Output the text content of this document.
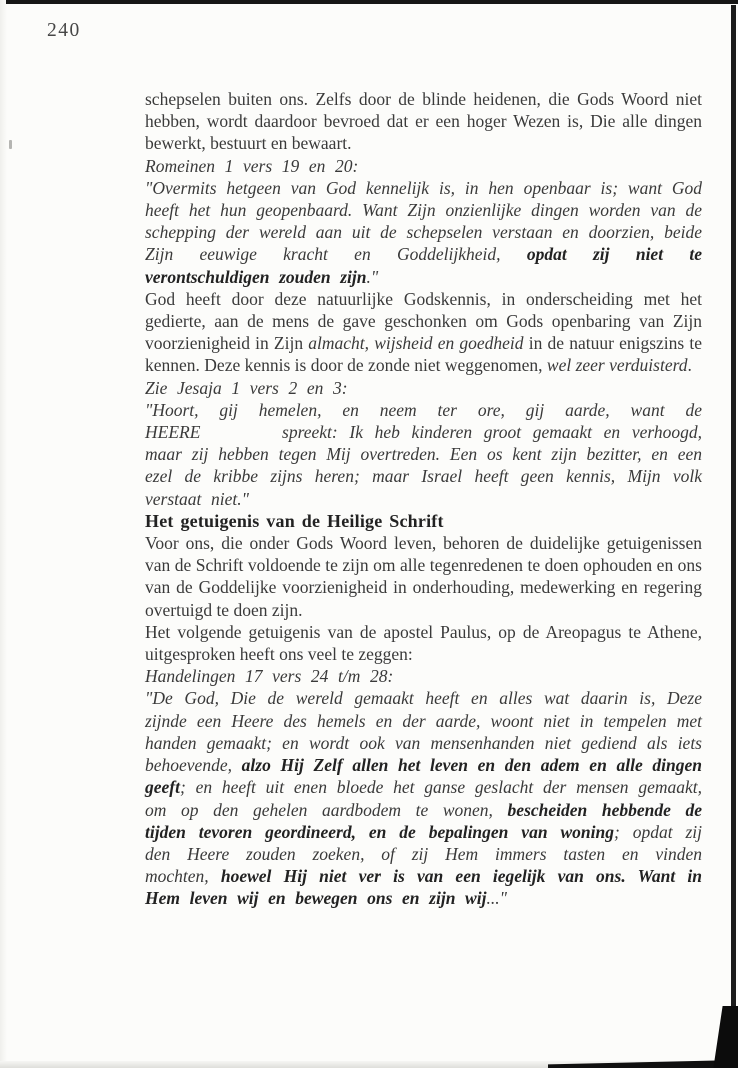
240

schepselen buiten ons. Zelfs door de blinde heidenen, die Gods Woord niet hebben, wordt daardoor bevroed dat er een hoger Wezen is, Die alle dingen bewerkt, bestuurt en bewaart.

Romeinen 1 vers 19 en 20:

"Overmits hetgeen van God kennelijk is, in hen openbaar is; want God heeft het hun geopenbaard. Want Zijn onzienlijke dingen worden van de schepping der wereld aan uit de schepselen verstaan en doorzien, beide Zijn eeuwige kracht en Goddelijkheid, opdat zij niet te verontschuldigen zouden zijn."

God heeft door deze natuurlijke Godskennis, in onderscheiding met het gedierte, aan de mens de gave geschonken om Gods openbaring van Zijn voorzienigheid in Zijn almacht, wijsheid en goedheid in de natuur enigszins te kennen. Deze kennis is door de zonde niet weggenomen, wel zeer verduisterd.

Zie Jesaja 1 vers 2 en 3:

"Hoort, gij hemelen, en neem ter ore, gij aarde, want de HEERE       spreekt: Ik heb kinderen groot gemaakt en verhoogd, maar zij hebben tegen Mij overtreden. Een os kent zijn bezitter, en een ezel de kribbe zijns heren; maar Israel heeft geen kennis, Mijn volk verstaat niet."

Het getuigenis van de Heilige Schrift

Voor ons, die onder Gods Woord leven, behoren de duidelijke getuigenissen van de Schrift voldoende te zijn om alle tegenredenen te doen ophouden en ons van de Goddelijke voorzienigheid in onderhouding, medewerking en regering overtuigd te doen zijn.

Het volgende getuigenis van de apostel Paulus, op de Areopagus te Athene, uitgesproken heeft ons veel te zeggen:

Handelingen 17 vers 24 t/m 28:

"De God, Die de wereld gemaakt heeft en alles wat daarin is, Deze zijnde een Heere des hemels en der aarde, woont niet in tempelen met handen gemaakt; en wordt ook van mensenhanden niet gediend als iets behoevende, alzo Hij Zelf allen het leven en den adem en alle dingen geeft; en heeft uit enen bloede het ganse geslacht der mensen gemaakt, om op den gehelen aardbodem te wonen, bescheiden hebbende de tijden tevoren geordineerd, en de bepalingen van woning; opdat zij den Heere zouden zoeken, of zij Hem immers tasten en vinden mochten, hoewel Hij niet ver is van een iegelijk van ons. Want in Hem leven wij en bewegen ons en zijn wij..."
